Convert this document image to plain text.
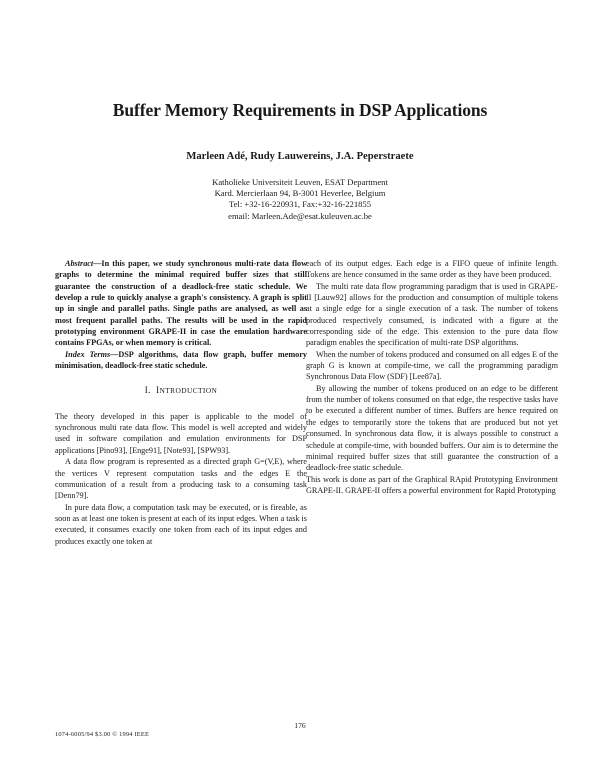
Buffer Memory Requirements in DSP Applications
Marleen Adé, Rudy Lauwereins, J.A. Peperstraete
Katholieke Universiteit Leuven, ESAT Department
Kard. Mercierlaan 94, B-3001 Heverlee, Belgium
Tel: +32-16-220931, Fax:+32-16-221855
email: Marleen.Ade@esat.kuleuven.ac.be

Abstract—In this paper, we study synchronous multi-rate data flow graphs to determine the minimal required buffer sizes that still guarantee the construction of a deadlock-free static schedule. We develop a rule to quickly analyse a graph's consistency. A graph is split up in single and parallel paths. Single paths are analysed, as well as most frequent parallel paths. The results will be used in the rapid prototyping environment GRAPE-II in case the emulation hardware contains FPGAs, or when memory is critical.

Index Terms—DSP algorithms, data flow graph, buffer memory minimisation, deadlock-free static schedule.

I. INTRODUCTION

The theory developed in this paper is applicable to the model of synchronous multi rate data flow. This model is well accepted and widely used in software compilation and emulation environments for DSP applications [Pino93], [Enge91], [Note93], [SPW93].

A data flow program is represented as a directed graph G=(V,E), where the vertices V represent computation tasks and the edges E the communication of a result from a producing task to a consuming task [Denn79].

In pure data flow, a computation task may be executed, or is fireable, as soon as at least one token is present at each of its input edges. When a task is executed, it consumes exactly one token from each of its input edges and produces exactly one token at

each of its output edges. Each edge is a FIFO queue of infinite length. Tokens are hence consumed in the same order as they have been produced.

The multi rate data flow programming paradigm that is used in GRAPE-II [Lauw92] allows for the production and consumption of multiple tokens at a single edge for a single execution of a task. The number of tokens produced respectively consumed, is indicated with a figure at the corresponding side of the edge. This extension to the pure data flow paradigm enables the specification of multi-rate DSP algorithms.

When the number of tokens produced and consumed on all edges E of the graph G is known at compile-time, we call the programming paradigm Synchronous Data Flow (SDF) [Lee87a].

By allowing the number of tokens produced on an edge to be different from the number of tokens consumed on that edge, the respective tasks have to be executed a different number of times. Buffers are hence required on the edges to temporarily store the tokens that are produced but not yet consumed. In synchronous data flow, it is always possible to construct a schedule at compile-time, with bounded buffers. Our aim is to determine the minimal required buffer sizes that still guarantee the construction of a deadlock-free static schedule.

This work is done as part of the Graphical RApid Prototyping Environment GRAPE-II. GRAPE-II offers a powerful environment for Rapid Prototyping

176
1074-6005/94 $3.00 © 1994 IEEE
